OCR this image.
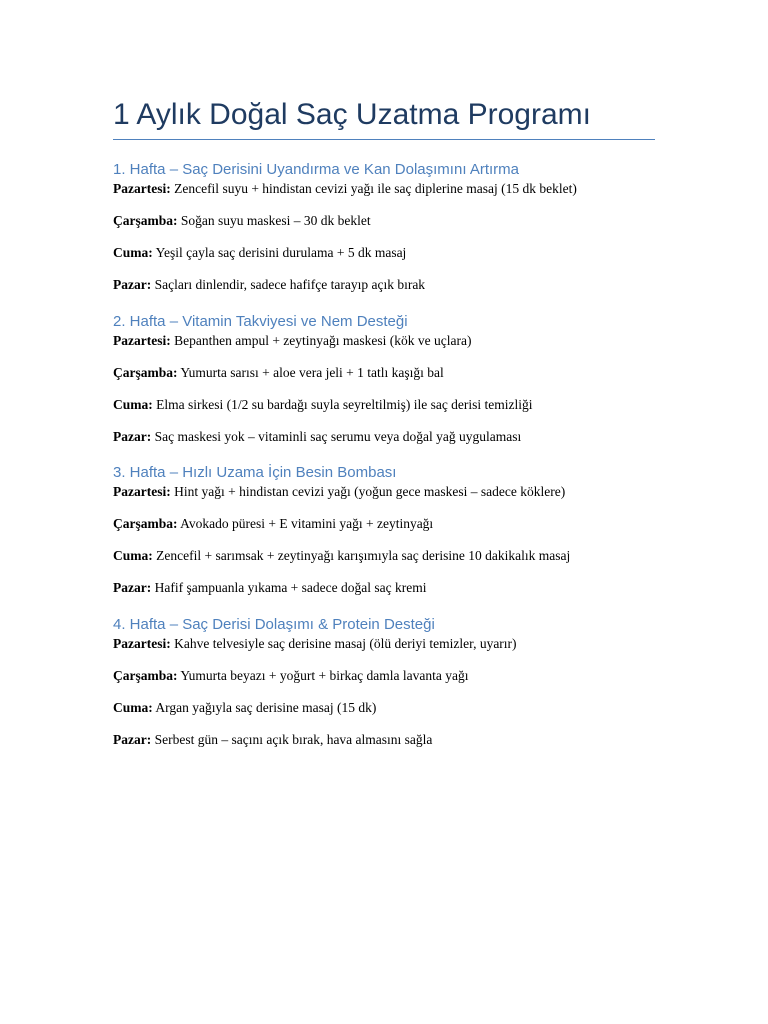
1 Aylık Doğal Saç Uzatma Programı
1. Hafta – Saç Derisini Uyandırma ve Kan Dolaşımını Artırma

Pazartesi: Zencefil suyu + hindistan cevizi yağı ile saç diplerine masaj (15 dk beklet)

Çarşamba: Soğan suyu maskesi – 30 dk beklet

Cuma: Yeşil çayla saç derisini durulama + 5 dk masaj

Pazar: Saçları dinlendir, sadece hafifçe tarayıp açık bırak

2. Hafta – Vitamin Takviyesi ve Nem Desteği

Pazartesi: Bepanthen ampul + zeytinyağı maskesi (kök ve uçlara)

Çarşamba: Yumurta sarısı + aloe vera jeli + 1 tatlı kaşığı bal

Cuma: Elma sirkesi (1/2 su bardağı suyla seyreltilmiş) ile saç derisi temizliği

Pazar: Saç maskesi yok – vitaminli saç serumu veya doğal yağ uygulaması

3. Hafta – Hızlı Uzama İçin Besin Bombası

Pazartesi: Hint yağı + hindistan cevizi yağı (yoğun gece maskesi – sadece köklere)

Çarşamba: Avokado püresi + E vitamini yağı + zeytinyağı

Cuma: Zencefil + sarımsak + zeytinyağı karışımıyla saç derisine 10 dakikalık masaj

Pazar: Hafif şampuanla yıkama + sadece doğal saç kremi

4. Hafta – Saç Derisi Dolaşımı & Protein Desteği

Pazartesi: Kahve telvesiyle saç derisine masaj (ölü deriyi temizler, uyarır)

Çarşamba: Yumurta beyazı + yoğurt + birkaç damla lavanta yağı

Cuma: Argan yağıyla saç derisine masaj (15 dk)

Pazar: Serbest gün – saçını açık bırak, hava almasını sağla
